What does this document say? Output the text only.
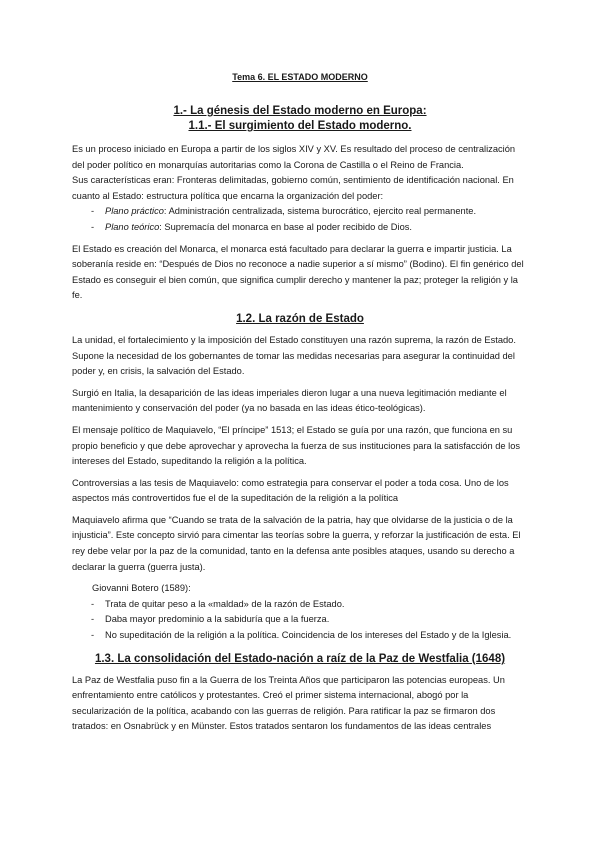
Tema 6. EL ESTADO MODERNO
1.- La génesis del Estado moderno en Europa:
1.1.- El surgimiento del Estado moderno.

Es un proceso iniciado en Europa a partir de los siglos XIV y XV. Es resultado del proceso de centralización del poder político en monarquías autoritarias como la Corona de Castilla o el Reino de Francia.

Sus características eran: Fronteras delimitadas, gobierno común, sentimiento de identificación nacional. En cuanto al Estado: estructura política que encarna la organización del poder:

- Plano práctico: Administración centralizada, sistema burocrático, ejercito real permanente.
- Plano teórico: Supremacía del monarca en base al poder recibido de Dios.

El Estado es creación del Monarca, el monarca está facultado para declarar la guerra e impartir justicia. La soberanía reside en: “Después de Dios no reconoce a nadie superior a sí mismo” (Bodino). El fin genérico del Estado es conseguir el bien común, que significa cumplir derecho y mantener la paz; proteger la religión y la fe.

1.2. La razón de Estado

La unidad, el fortalecimiento y la imposición del Estado constituyen una razón suprema, la razón de Estado. Supone la necesidad de los gobernantes de tomar las medidas necesarias para asegurar la continuidad del poder y, en crisis, la salvación del Estado.

Surgió en Italia, la desaparición de las ideas imperiales dieron lugar a una nueva legitimación mediante el mantenimiento y conservación del poder (ya no basada en las ideas ético-teológicas).

El mensaje político de Maquiavelo, “El príncipe” 1513; el Estado se guía por una razón, que funciona en su propio beneficio y que debe aprovechar y aprovecha la fuerza de sus instituciones para la satisfacción de los intereses del Estado, supeditando la religión a la política.

Controversias a las tesis de Maquiavelo: como estrategia para conservar el poder a toda cosa. Uno de los aspectos más controvertidos fue el de la supeditación de la religión a la política

Maquiavelo afirma que “Cuando se trata de la salvación de la patria, hay que olvidarse de la justicia o de la injusticia”. Este concepto sirvió para cimentar las teorías sobre la guerra, y reforzar la justificación de esta. El rey debe velar por la paz de la comunidad, tanto en la defensa ante posibles ataques, usando su derecho a declarar la guerra (guerra justa).

Giovanni Botero (1589):

- Trata de quitar peso a la «maldad» de la razón de Estado.
- Daba mayor predominio a la sabiduría que a la fuerza.
- No supeditación de la religión a la política. Coincidencia de los intereses del Estado y de la Iglesia.
1.3. La consolidación del Estado-nación a raíz de la Paz de Westfalia (1648)

La Paz de Westfalia puso fin a la Guerra de los Treinta Años que participaron las potencias europeas. Un enfrentamiento entre católicos y protestantes. Creó el primer sistema internacional, abogó por la secularización de la política, acabando con las guerras de religión. Para ratificar la paz se firmaron dos tratados: en Osnabrück y en Münster. Estos tratados sentaron los fundamentos de las ideas centrales
